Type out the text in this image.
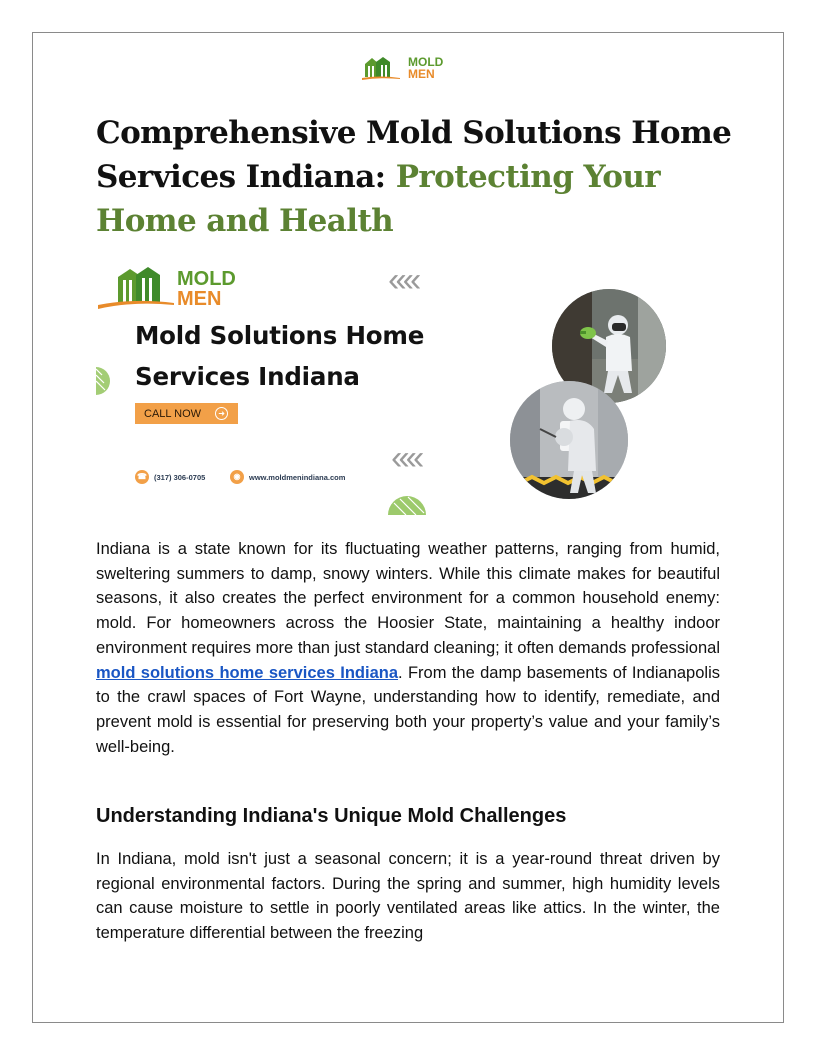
MOLD
MEN
Comprehensive Mold Solutions Home Services Indiana: Protecting Your Home and Health
MOLD
MEN	‹‹‹‹
‹‹‹‹
Mold Solutions Home
Services Indiana
CALL NOW	➜
☎ (317) 306-0705	◉	www.moldmenindiana.com

Indiana is a state known for its fluctuating weather patterns, ranging from humid, sweltering summers to damp, snowy winters. While this climate makes for beautiful seasons, it also creates the perfect environment for a common household enemy: mold. For homeowners across the Hoosier State, maintaining a healthy indoor environment requires more than just standard cleaning; it often demands professional mold solutions home services Indiana. From the damp basements of Indianapolis to the crawl spaces of Fort Wayne, understanding how to identify, remediate, and prevent mold is essential for preserving both your property’s value and your family’s well-being.

Understanding Indiana's Unique Mold Challenges

In Indiana, mold isn't just a seasonal concern; it is a year-round threat driven by regional environmental factors. During the spring and summer, high humidity levels can cause moisture to settle in poorly ventilated areas like attics. In the winter, the temperature differential between the freezing
